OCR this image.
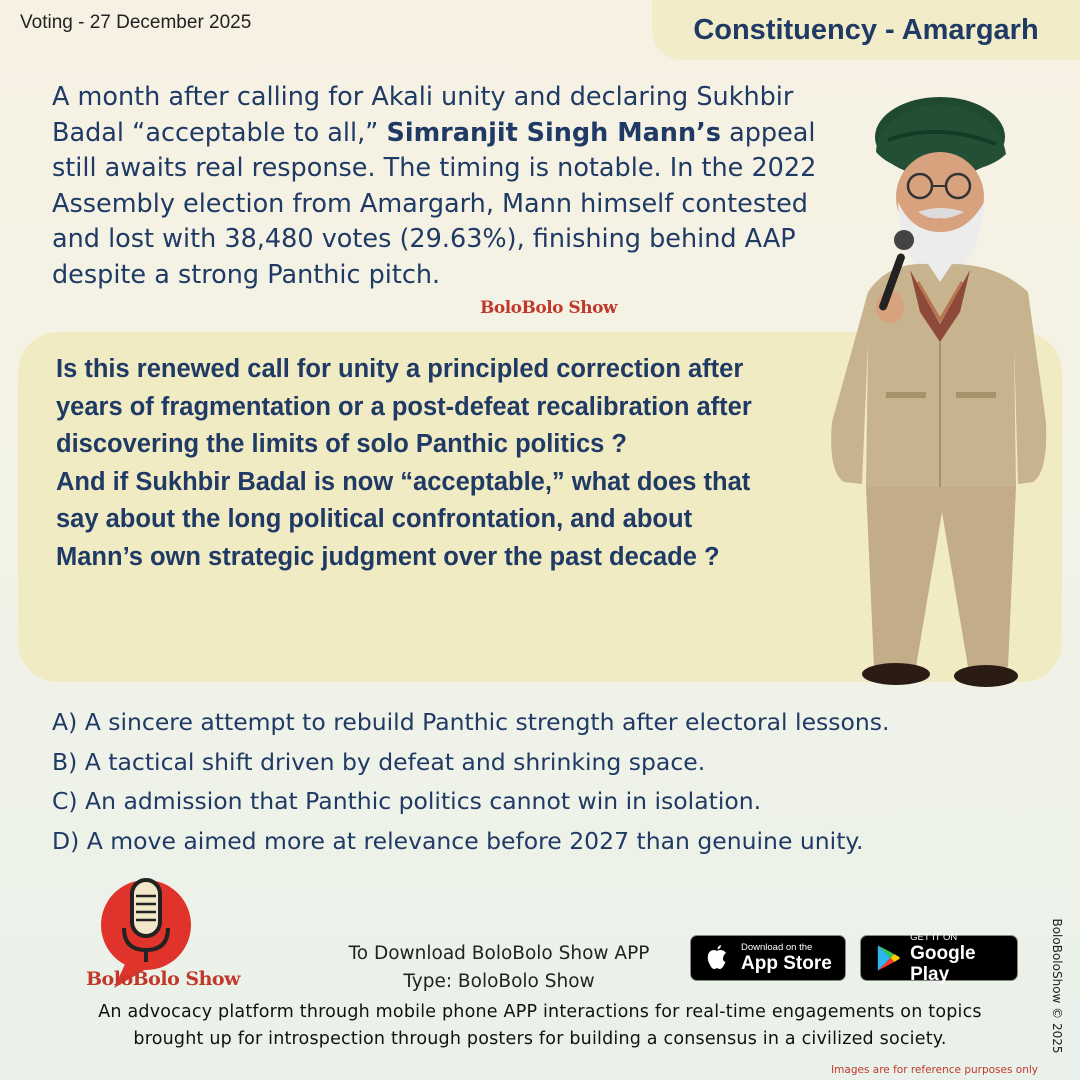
Voting - 27 December 2025	Constituency - Amargarh

A month after calling for Akali unity and declaring Sukhbir Badal “acceptable to all,” Simranjit Singh Mann’s appeal still awaits real response. The timing is notable. In the 2022 Assembly election from Amargarh, Mann himself contested and lost with 38,480 votes (29.63%), finishing behind AAP despite a strong Panthic pitch.

BoloBolo Show
Is this renewed call for unity a principled correction after years of fragmentation or a post-defeat recalibration after discovering the limits of solo Panthic politics ?
And if Sukhbir Badal is now “acceptable,” what does that say about the long political confrontation, and about Mann’s own strategic judgment over the past decade ?
A) A sincere attempt to rebuild Panthic strength after electoral lessons.
B) A tactical shift driven by defeat and shrinking space.
C) An admission that Panthic politics cannot win in isolation.
D) A move aimed more at relevance before 2027 than genuine unity.
BoloBolo Show
To Download BoloBolo Show APP
Type: BoloBolo Show
Download on the
App Store
GET IT ON
Google Play
An advocacy platform through mobile phone APP interactions for real-time engagements on topics
brought up for introspection through posters for building a consensus in a civilized society.	BoloBoloShow © 2025
Images are for reference purposes only
